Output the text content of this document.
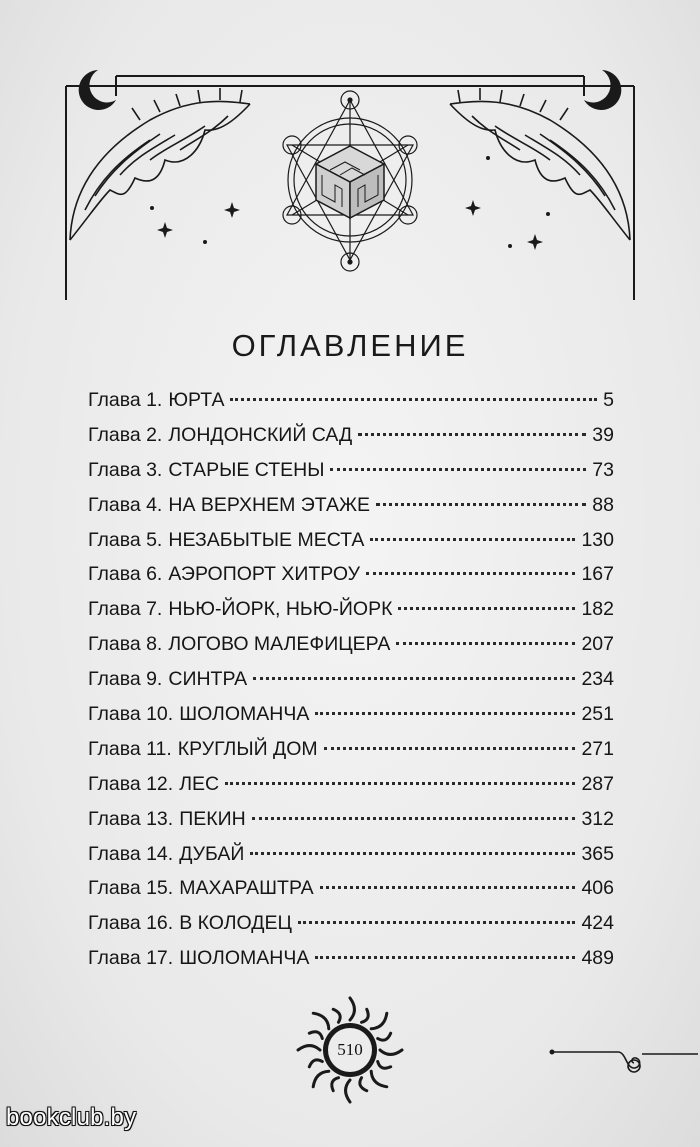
ОГЛАВЛЕНИЕ
Глава 1. ЮРТА	5
Глава 2. ЛОНДОНСКИЙ САД	39
Глава 3. СТАРЫЕ СТЕНЫ	73
Глава 4. НА ВЕРХНЕМ ЭТАЖЕ	88
Глава 5. НЕЗАБЫТЫЕ МЕСТА	130
Глава 6. АЭРОПОРТ ХИТРОУ	167
Глава 7. НЬЮ-ЙОРК, НЬЮ-ЙОРК	182
Глава 8. ЛОГОВО МАЛЕФИЦЕРА	207
Глава 9. СИНТРА	234
Глава 10. ШОЛОМАНЧА	251
Глава 11. КРУГЛЫЙ ДОМ	271
Глава 12. ЛЕС	287
Глава 13. ПЕКИН	312
Глава 14. ДУБАЙ	365
Глава 15. МАХАРАШТРА	406
Глава 16. В КОЛОДЕЦ	424
Глава 17. ШОЛОМАНЧА	489
510
bookclub.by
